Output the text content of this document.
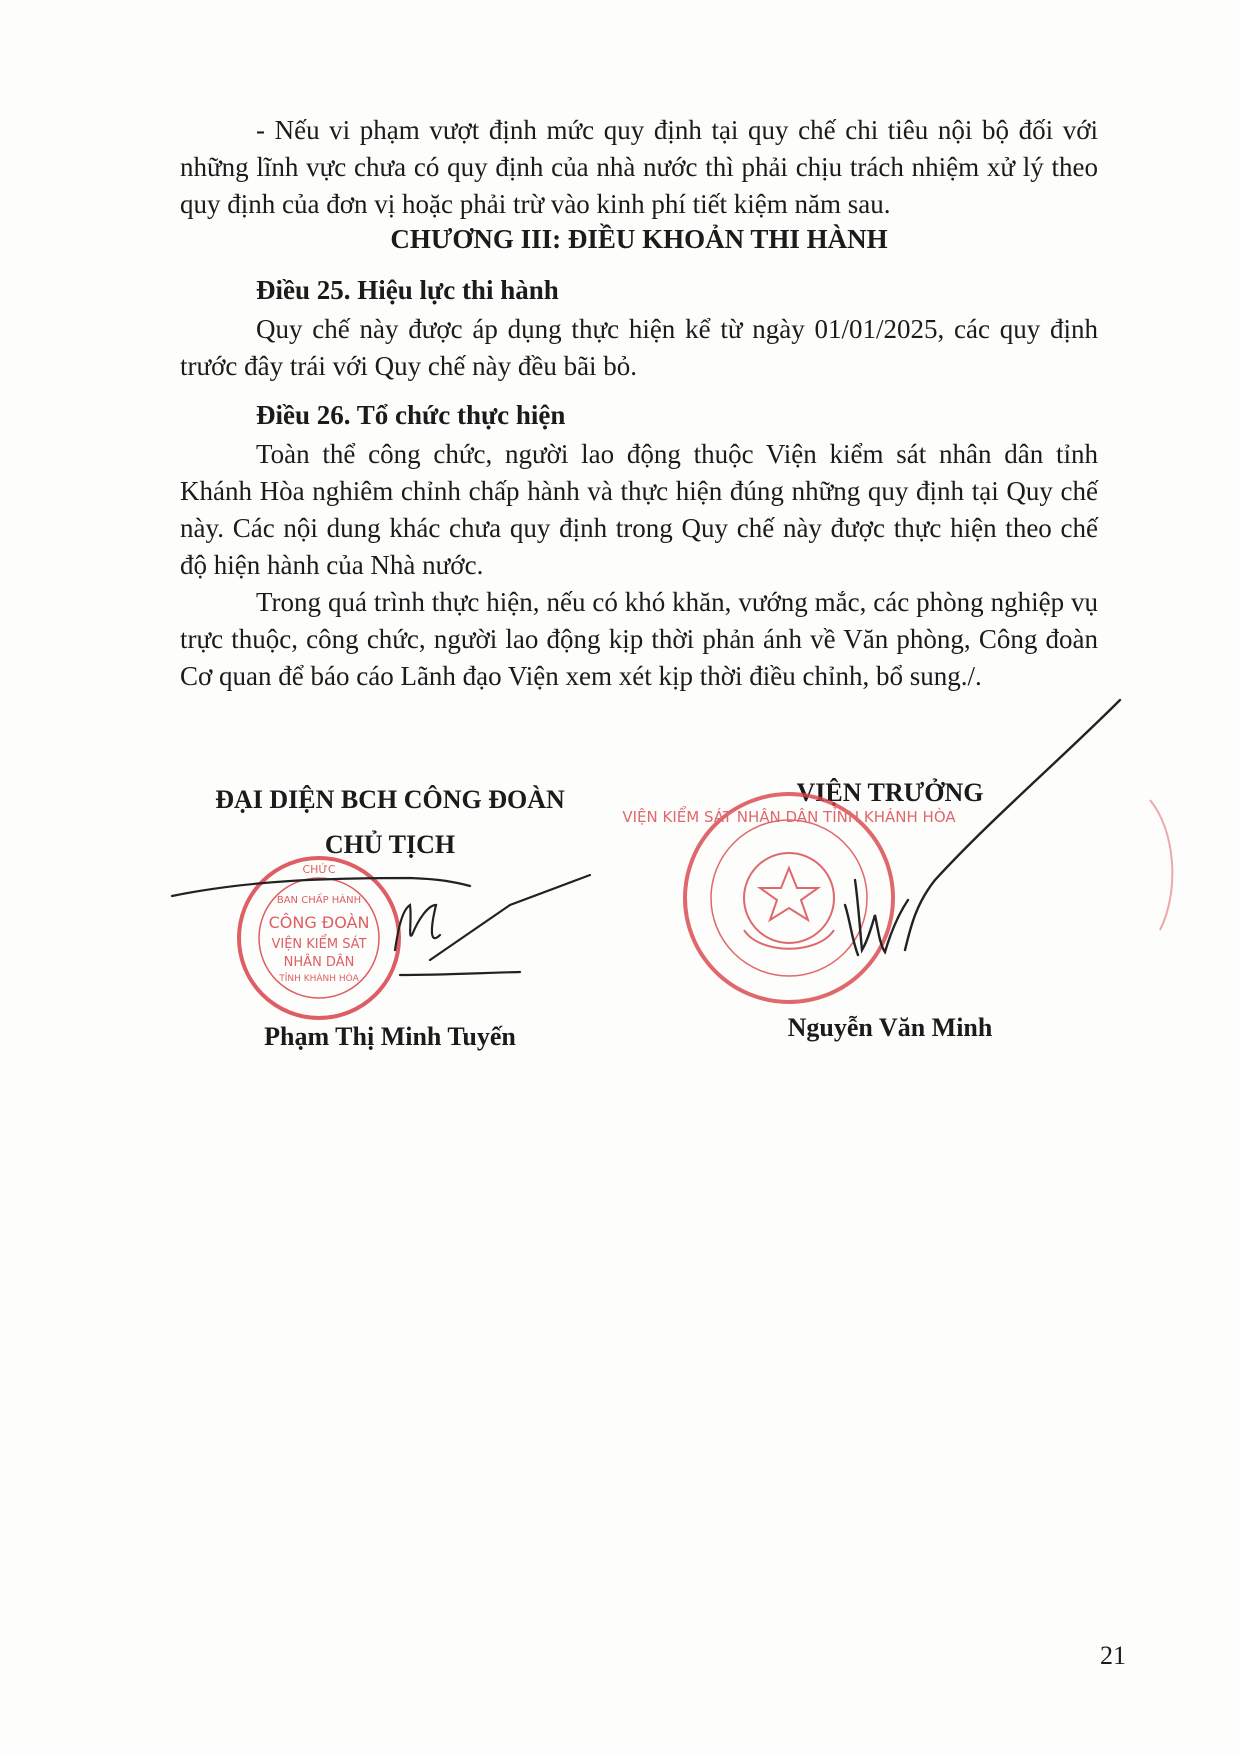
- Nếu vi phạm vượt định mức quy định tại quy chế chi tiêu nội bộ đối với những lĩnh vực chưa có quy định của nhà nước thì phải chịu trách nhiệm xử lý theo quy định của đơn vị hoặc phải trừ vào kinh phí tiết kiệm năm sau.

CHƯƠNG III: ĐIỀU KHOẢN THI HÀNH

Điều 25. Hiệu lực thi hành

Quy chế này được áp dụng thực hiện kể từ ngày 01/01/2025, các quy định trước đây trái với Quy chế này đều bãi bỏ.

Điều 26. Tổ chức thực hiện

Toàn thể công chức, người lao động thuộc Viện kiểm sát nhân dân tỉnh Khánh Hòa nghiêm chỉnh chấp hành và thực hiện đúng những quy định tại Quy chế này. Các nội dung khác chưa quy định trong Quy chế này được thực hiện theo chế độ hiện hành của Nhà nước.

Trong quá trình thực hiện, nếu có khó khăn, vướng mắc, các phòng nghiệp vụ trực thuộc, công chức, người lao động kịp thời phản ánh về Văn phòng, Công đoàn Cơ quan để báo cáo Lãnh đạo Viện xem xét kịp thời điều chỉnh, bổ sung./.

ĐẠI DIỆN BCH CÔNG ĐOÀN

CHỦ TỊCH

VIỆN TRƯỞNG

BAN CHẤP HÀNH
CÔNG ĐOÀN
VIỆN KIỂM SÁT
NHÂN DÂN
TỈNH KHÁNH HÒA
CHỨC
VIỆN KIỂM SÁT NHÂN DÂN TỈNH KHÁNH HÒA

Phạm Thị Minh Tuyến	Nguyễn Văn Minh

21
